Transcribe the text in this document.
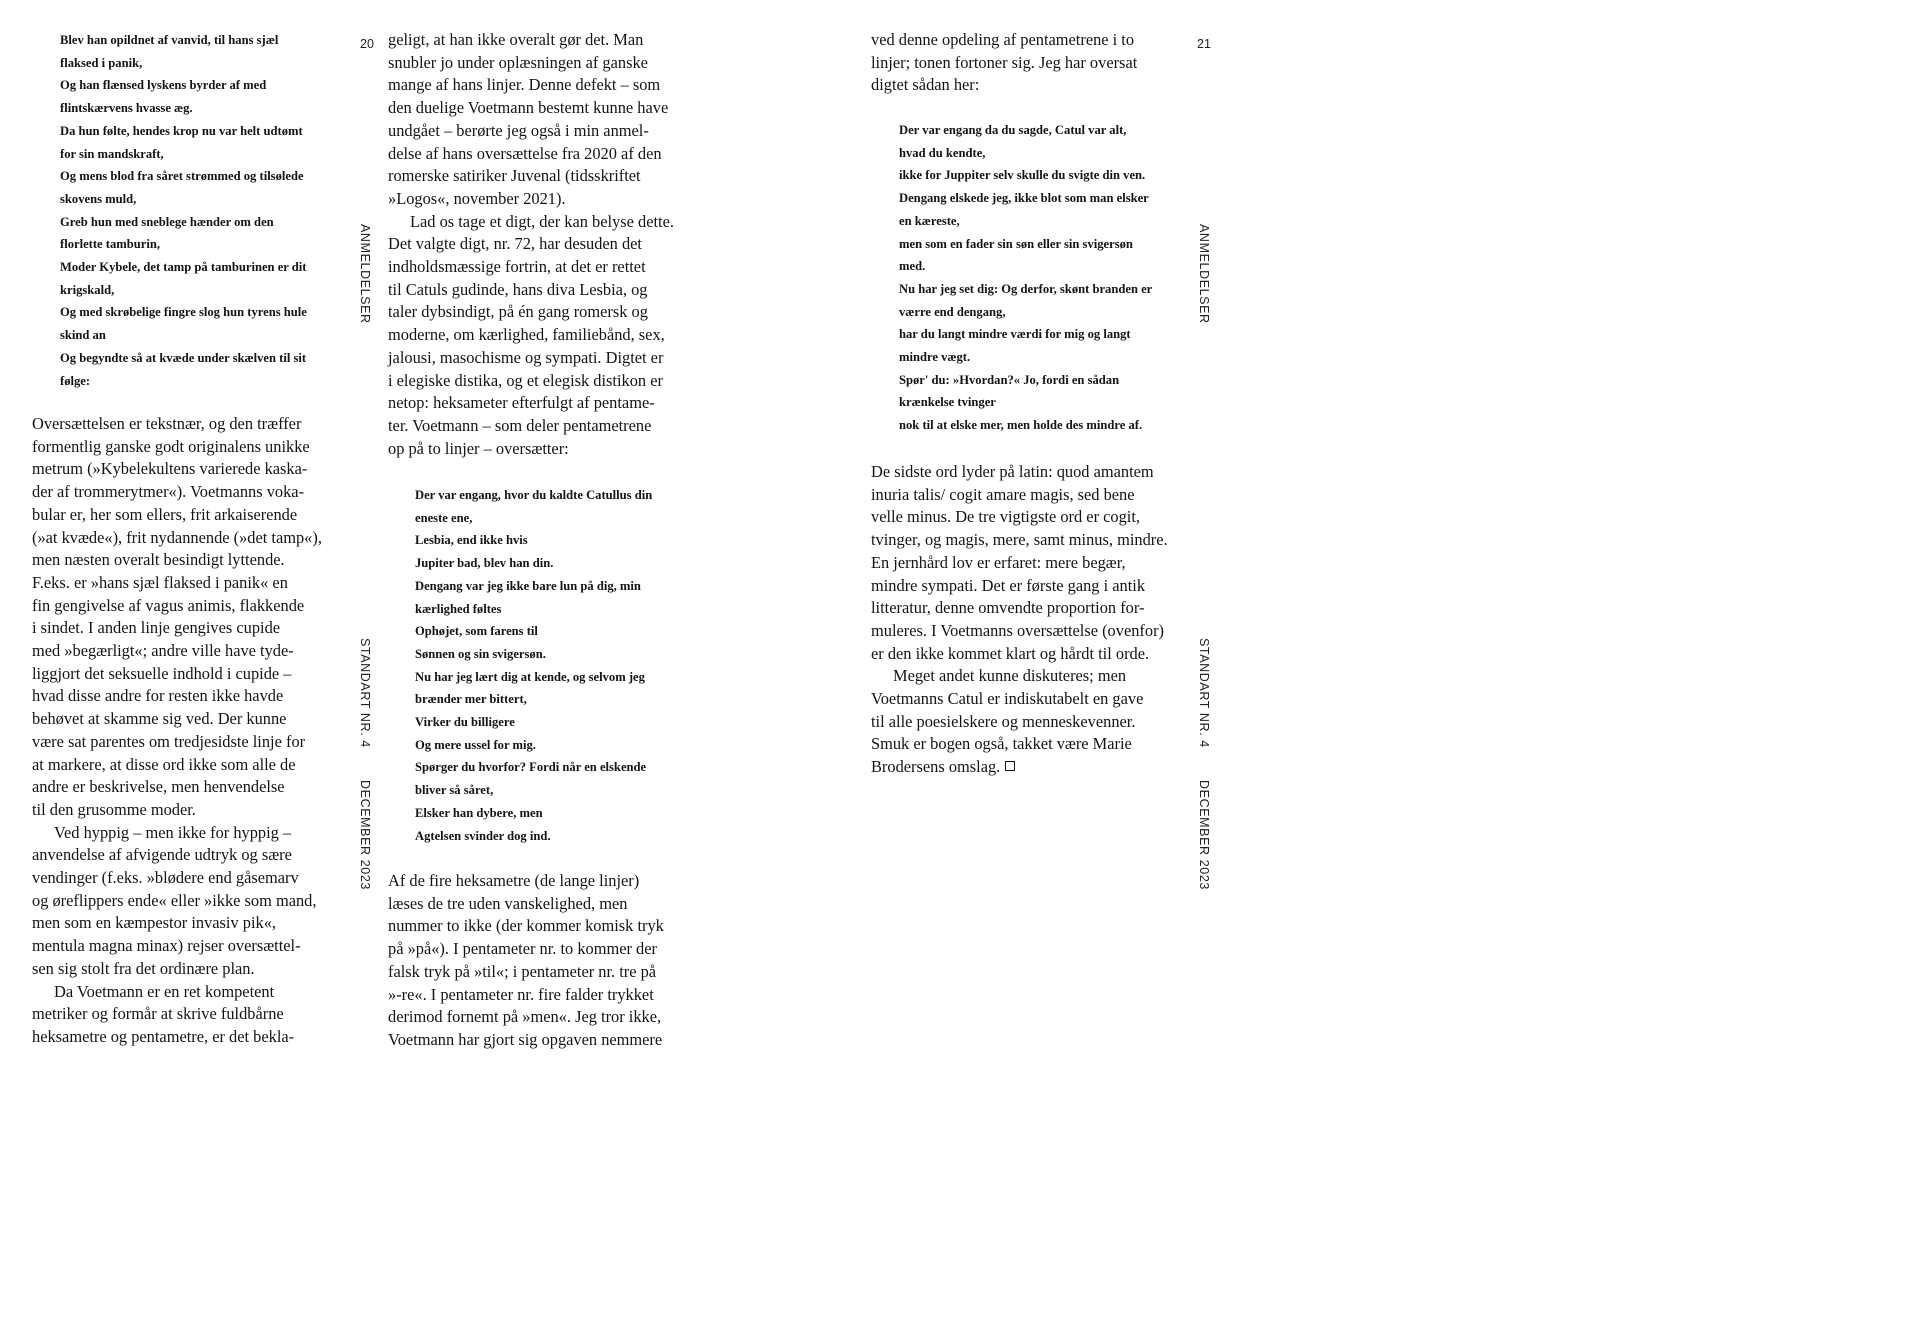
Blev han opildnet af vanvid, til hans sjæl
flaksed i panik,
Og han flænsed lyskens byrder af med
flintskærvens hvasse æg.
Da hun følte, hendes krop nu var helt udtømt
for sin mandskraft,
Og mens blod fra såret strømmed og tilsølede
skovens muld,
Greb hun med sneblege hænder om den
florlette tamburin,
Moder Kybele, det tamp på tamburinen er dit
krigskald,
Og med skrøbelige fingre slog hun tyrens hule
skind an
Og begyndte så at kvæde under skælven til sit
følge:
Oversættelsen er tekstnær, og den træffer
formentlig ganske godt originalens unikke
metrum (»Kybelekultens varierede kaska-
der af trommerytmer«). Voetmanns voka-
bular er, her som ellers, frit arkaiserende
(»at kvæde«), frit nydannende (»det tamp«),
men næsten overalt besindigt lyttende.
F.eks. er »hans sjæl flaksed i panik« en
fin gengivelse af vagus animis, flakkende
i sindet. I anden linje gengives cupide
med »begærligt«; andre ville have tyde-
liggjort det seksuelle indhold i cupide –
hvad disse andre for resten ikke havde
behøvet at skamme sig ved. Der kunne
være sat parentes om tredjesidste linje for
at markere, at disse ord ikke som alle de
andre er beskrivelse, men henvendelse
til den grusomme moder.
Ved hyppig – men ikke for hyppig –
anvendelse af afvigende udtryk og sære
vendinger (f.eks. »blødere end gåsemarv
og øreflippers ende« eller »ikke som mand,
men som en kæmpestor invasiv pik«,
mentula magna minax) rejser oversættel-
sen sig stolt fra det ordinære plan.
Da Voetmann er en ret kompetent
metriker og formår at skrive fuldbårne
heksametre og pentametre, er det bekla-
20
ANMELDELSER
STANDART NR. 4
DECEMBER 2023
geligt, at han ikke overalt gør det. Man
snubler jo under oplæsningen af ganske
mange af hans linjer. Denne defekt – som
den duelige Voetmann bestemt kunne have
undgået – berørte jeg også i min anmel-
delse af hans oversættelse fra 2020 af den
romerske satiriker Juvenal (tidsskriftet
»Logos«, november 2021).
Lad os tage et digt, der kan belyse dette.
Det valgte digt, nr. 72, har desuden det
indholdsmæssige fortrin, at det er rettet
til Catuls gudinde, hans diva Lesbia, og
taler dybsindigt, på én gang romersk og
moderne, om kærlighed, familiebånd, sex,
jalousi, masochisme og sympati. Digtet er
i elegiske distika, og et elegisk distikon er
netop: heksameter efterfulgt af pentame-
ter. Voetmann – som deler pentametrene
op på to linjer – oversætter:
Der var engang, hvor du kaldte Catullus din
eneste ene,
Lesbia, end ikke hvis
Jupiter bad, blev han din.
Dengang var jeg ikke bare lun på dig, min
kærlighed føltes
Ophøjet, som farens til
Sønnen og sin svigersøn.
Nu har jeg lært dig at kende, og selvom jeg
brænder mer bittert,
Virker du billigere
Og mere ussel for mig.
Spørger du hvorfor? Fordi når en elskende
bliver så såret,
Elsker han dybere, men
Agtelsen svinder dog ind.
Af de fire heksametre (de lange linjer)
læses de tre uden vanskelighed, men
nummer to ikke (der kommer komisk tryk
på »på«). I pentameter nr. to kommer der
falsk tryk på »til«; i pentameter nr. tre på
»-re«. I pentameter nr. fire falder trykket
derimod fornemt på »men«. Jeg tror ikke,
Voetmann har gjort sig opgaven nemmere
ved denne opdeling af pentametrene i to
linjer; tonen fortoner sig. Jeg har oversat
digtet sådan her:
Der var engang da du sagde, Catul var alt,
hvad du kendte,
ikke for Juppiter selv skulle du svigte din ven.
Dengang elskede jeg, ikke blot som man elsker
en kæreste,
men som en fader sin søn eller sin svigersøn
med.
Nu har jeg set dig: Og derfor, skønt branden er
værre end dengang,
har du langt mindre værdi for mig og langt
mindre vægt.
Spør' du: »Hvordan?« Jo, fordi en sådan
krænkelse tvinger
nok til at elske mer, men holde des mindre af.
De sidste ord lyder på latin: quod amantem
inuria talis/ cogit amare magis, sed bene
velle minus. De tre vigtigste ord er cogit,
tvinger, og magis, mere, samt minus, mindre.
En jernhård lov er erfaret: mere begær,
mindre sympati. Det er første gang i antik
litteratur, denne omvendte proportion for-
muleres. I Voetmanns oversættelse (ovenfor)
er den ikke kommet klart og hårdt til orde.
Meget andet kunne diskuteres; men
Voetmanns Catul er indiskutabelt en gave
til alle poesielskere og menneskevenner.
Smuk er bogen også, takket være Marie
Brodersens omslag.
21
ANMELDELSER
STANDART NR. 4
DECEMBER 2023
